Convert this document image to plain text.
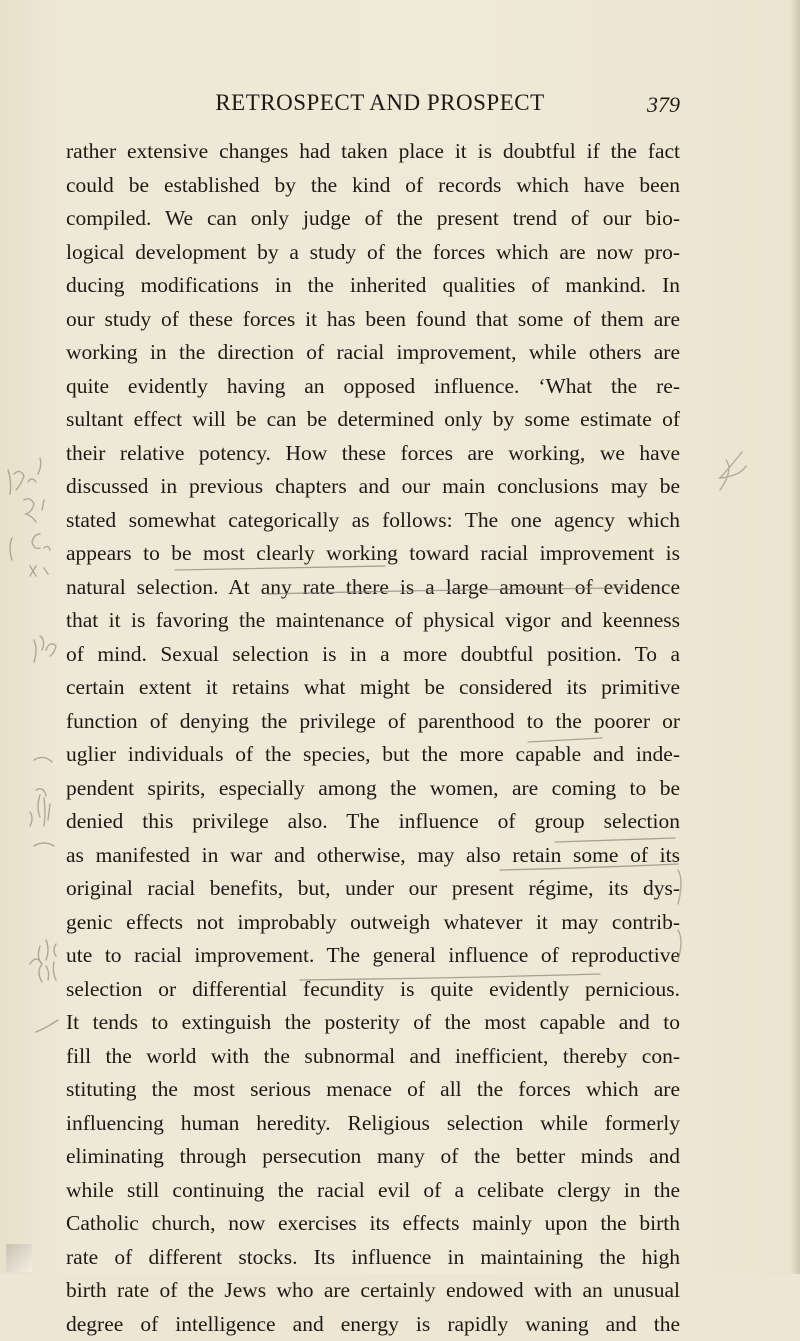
RETROSPECT AND PROSPECT	379
rather extensive changes had taken place it is doubtful if the fact
could be established by the kind of records which have been
compiled. We can only judge of the present trend of our bio-
logical development by a study of the forces which are now pro-
ducing modifications in the inherited qualities of mankind. In
our study of these forces it has been found that some of them are
working in the direction of racial improvement, while others are
quite evidently having an opposed influence. ‘What the re-
sultant effect will be can be determined only by some estimate of
their relative potency. How these forces are working, we have
discussed in previous chapters and our main conclusions may be
stated somewhat categorically as follows: The one agency which
appears to be most clearly working toward racial improvement is
natural selection. At any rate there is a large amount of evidence
that it is favoring the maintenance of physical vigor and keenness
of mind. Sexual selection is in a more doubtful position. To a
certain extent it retains what might be considered its primitive
function of denying the privilege of parenthood to the poorer or
uglier individuals of the species, but the more capable and inde-
pendent spirits, especially among the women, are coming to be
denied this privilege also. The influence of group selection
as manifested in war and otherwise, may also retain some of its
original racial benefits, but, under our present régime, its dys-
genic effects not improbably outweigh whatever it may contrib-
ute to racial improvement. The general influence of reproductive
selection or differential fecundity is quite evidently pernicious.
It tends to extinguish the posterity of the most capable and to
fill the world with the subnormal and inefficient, thereby con-
stituting the most serious menace of all the forces which are
influencing human heredity. Religious selection while formerly
eliminating through persecution many of the better minds and
while still continuing the racial evil of a celibate clergy in the
Catholic church, now exercises its effects mainly upon the birth
rate of different stocks. Its influence in maintaining the high
birth rate of the Jews who are certainly endowed with an unusual
degree of intelligence and energy is rapidly waning and the
